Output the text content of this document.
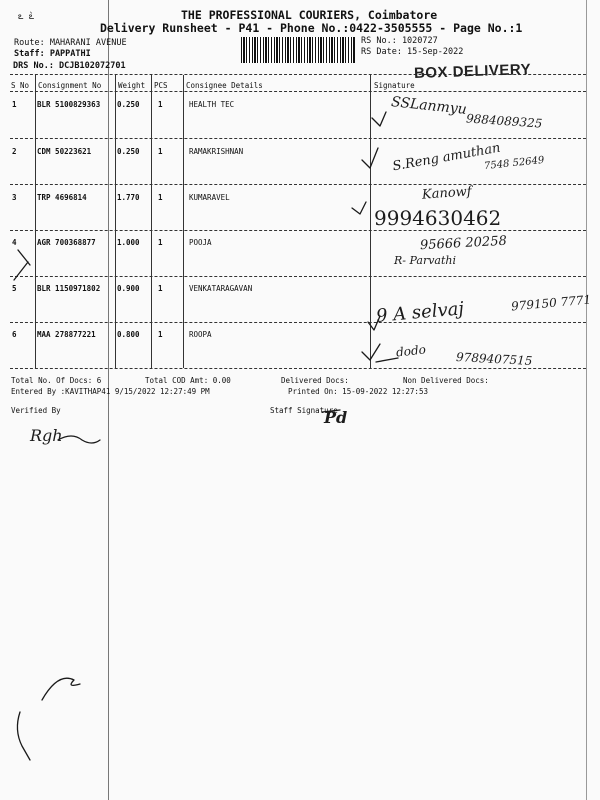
ఽ ̀ఽ	THE PROFESSIONAL COURIERS, Coimbatore
Delivery Runsheet - P41 - Phone No.:0422-3505555 - Page No.:1
Route: MAHARANI AVENUE
Staff: PAPPATHI
DRS No.: DCJB102072701
RS No.: 1020727
RS Date: 15-Sep-2022
S No Consignment No Weight PCS Consignee Details	Signature
BOX DELIVERY
1	BLR 5100829363 0.250 1	HEALTH TEC	SSLanmyu
9884089325
2	CDM 50223621	0.250 1	RAMAKRISHNAN	S.Reng amuthan
7548 52649
3	TRP 4696814	1.770 1	KUMARAVEL	Kanowf
9994630462
4	AGR 700368877	1.000 1	POOJA	95666 20258
R- Parvathi
5	BLR 1150971802 0.900 1	VENKATARAGAVAN
9 A selvaj	979150 7771
6	MAA 278877221	0.800 1	ROOPA
dodo 9789407515
Total No. Of Docs: 6	Total COD Amt: 0.00	Delivered Docs:	Non Delivered Docs:
Entered By :KAVITHAP41 9/15/2022 12:27:49 PM	Printed On: 15-09-2022 12:27:53
Verified By	Staff Signature
Rgh
Pd
